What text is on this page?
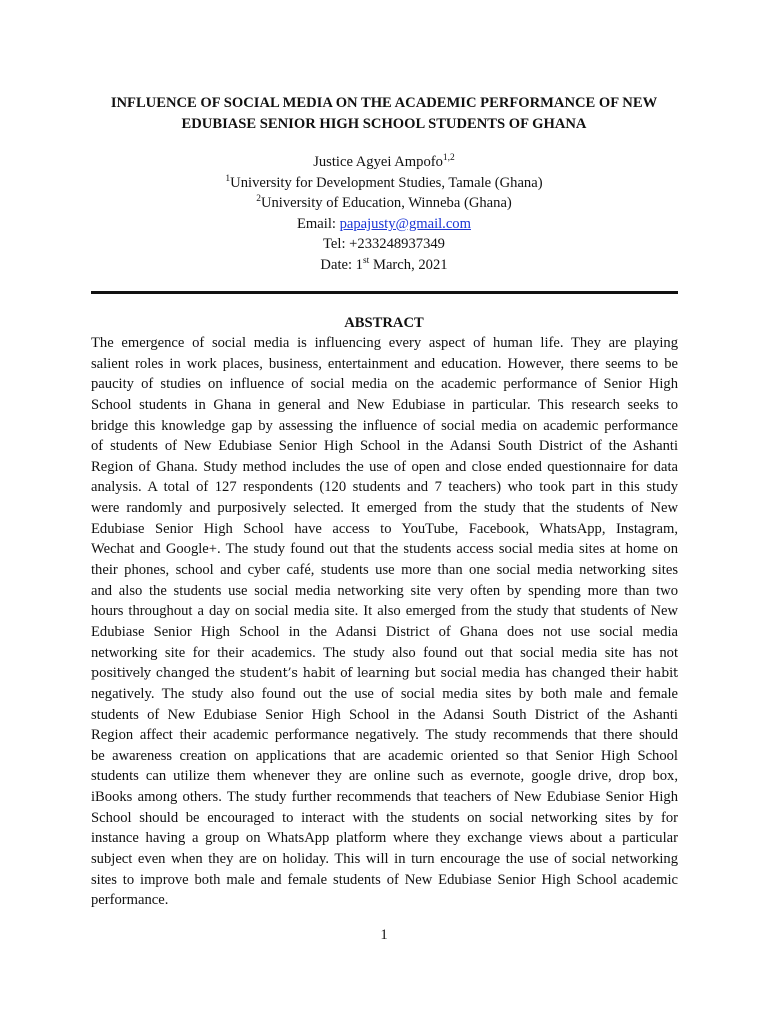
INFLUENCE OF SOCIAL MEDIA ON THE ACADEMIC PERFORMANCE OF NEW
EDUBIASE SENIOR HIGH SCHOOL STUDENTS OF GHANA
Justice Agyei Ampofo$^{1,2}$
$^1$University for Development Studies, Tamale (Ghana)
$^2$University of Education, Winneba (Ghana)
Email: papajusty@gmail.com
Tel: +233248937349
Date: 1st March, 2021
ABSTRACT
The emergence of social media is influencing every aspect of human life. They are playing
salient roles in work places, business, entertainment and education. However, there seems to be
paucity of studies on influence of social media on the academic performance of Senior High
School students in Ghana in general and New Edubiase in particular. This research seeks to
bridge this knowledge gap by assessing the influence of social media on academic performance
of students of New Edubiase Senior High School in the Adansi South District of the Ashanti
Region of Ghana. Study method includes the use of open and close ended questionnaire for data
analysis. A total of 127 respondents (120 students and 7 teachers) who took part in this study
were randomly and purposively selected. It emerged from the study that the students of New
Edubiase Senior High School have access to YouTube, Facebook, WhatsApp, Instagram,
Wechat and Google+. The study found out that the students access social media sites at home on
their phones, school and cyber café, students use more than one social media networking sites
and also the students use social media networking site very often by spending more than two
hours throughout a day on social media site. It also emerged from the study that students of New
Edubiase Senior High School in the Adansi District of Ghana does not use social media
networking site for their academics. The study also found out that social media site has not
positively changed the student’s habit of learning but social media has changed their habit
negatively. The study also found out the use of social media sites by both male and female
students of New Edubiase Senior High School in the Adansi South District of the Ashanti
Region affect their academic performance negatively. The study recommends that there should
be awareness creation on applications that are academic oriented so that Senior High School
students can utilize them whenever they are online such as evernote, google drive, drop box,
iBooks among others. The study further recommends that teachers of New Edubiase Senior High
School should be encouraged to interact with the students on social networking sites by for
instance having a group on WhatsApp platform where they exchange views about a particular
subject even when they are on holiday. This will in turn encourage the use of social networking
sites to improve both male and female students of New Edubiase Senior High School academic
performance.
1
